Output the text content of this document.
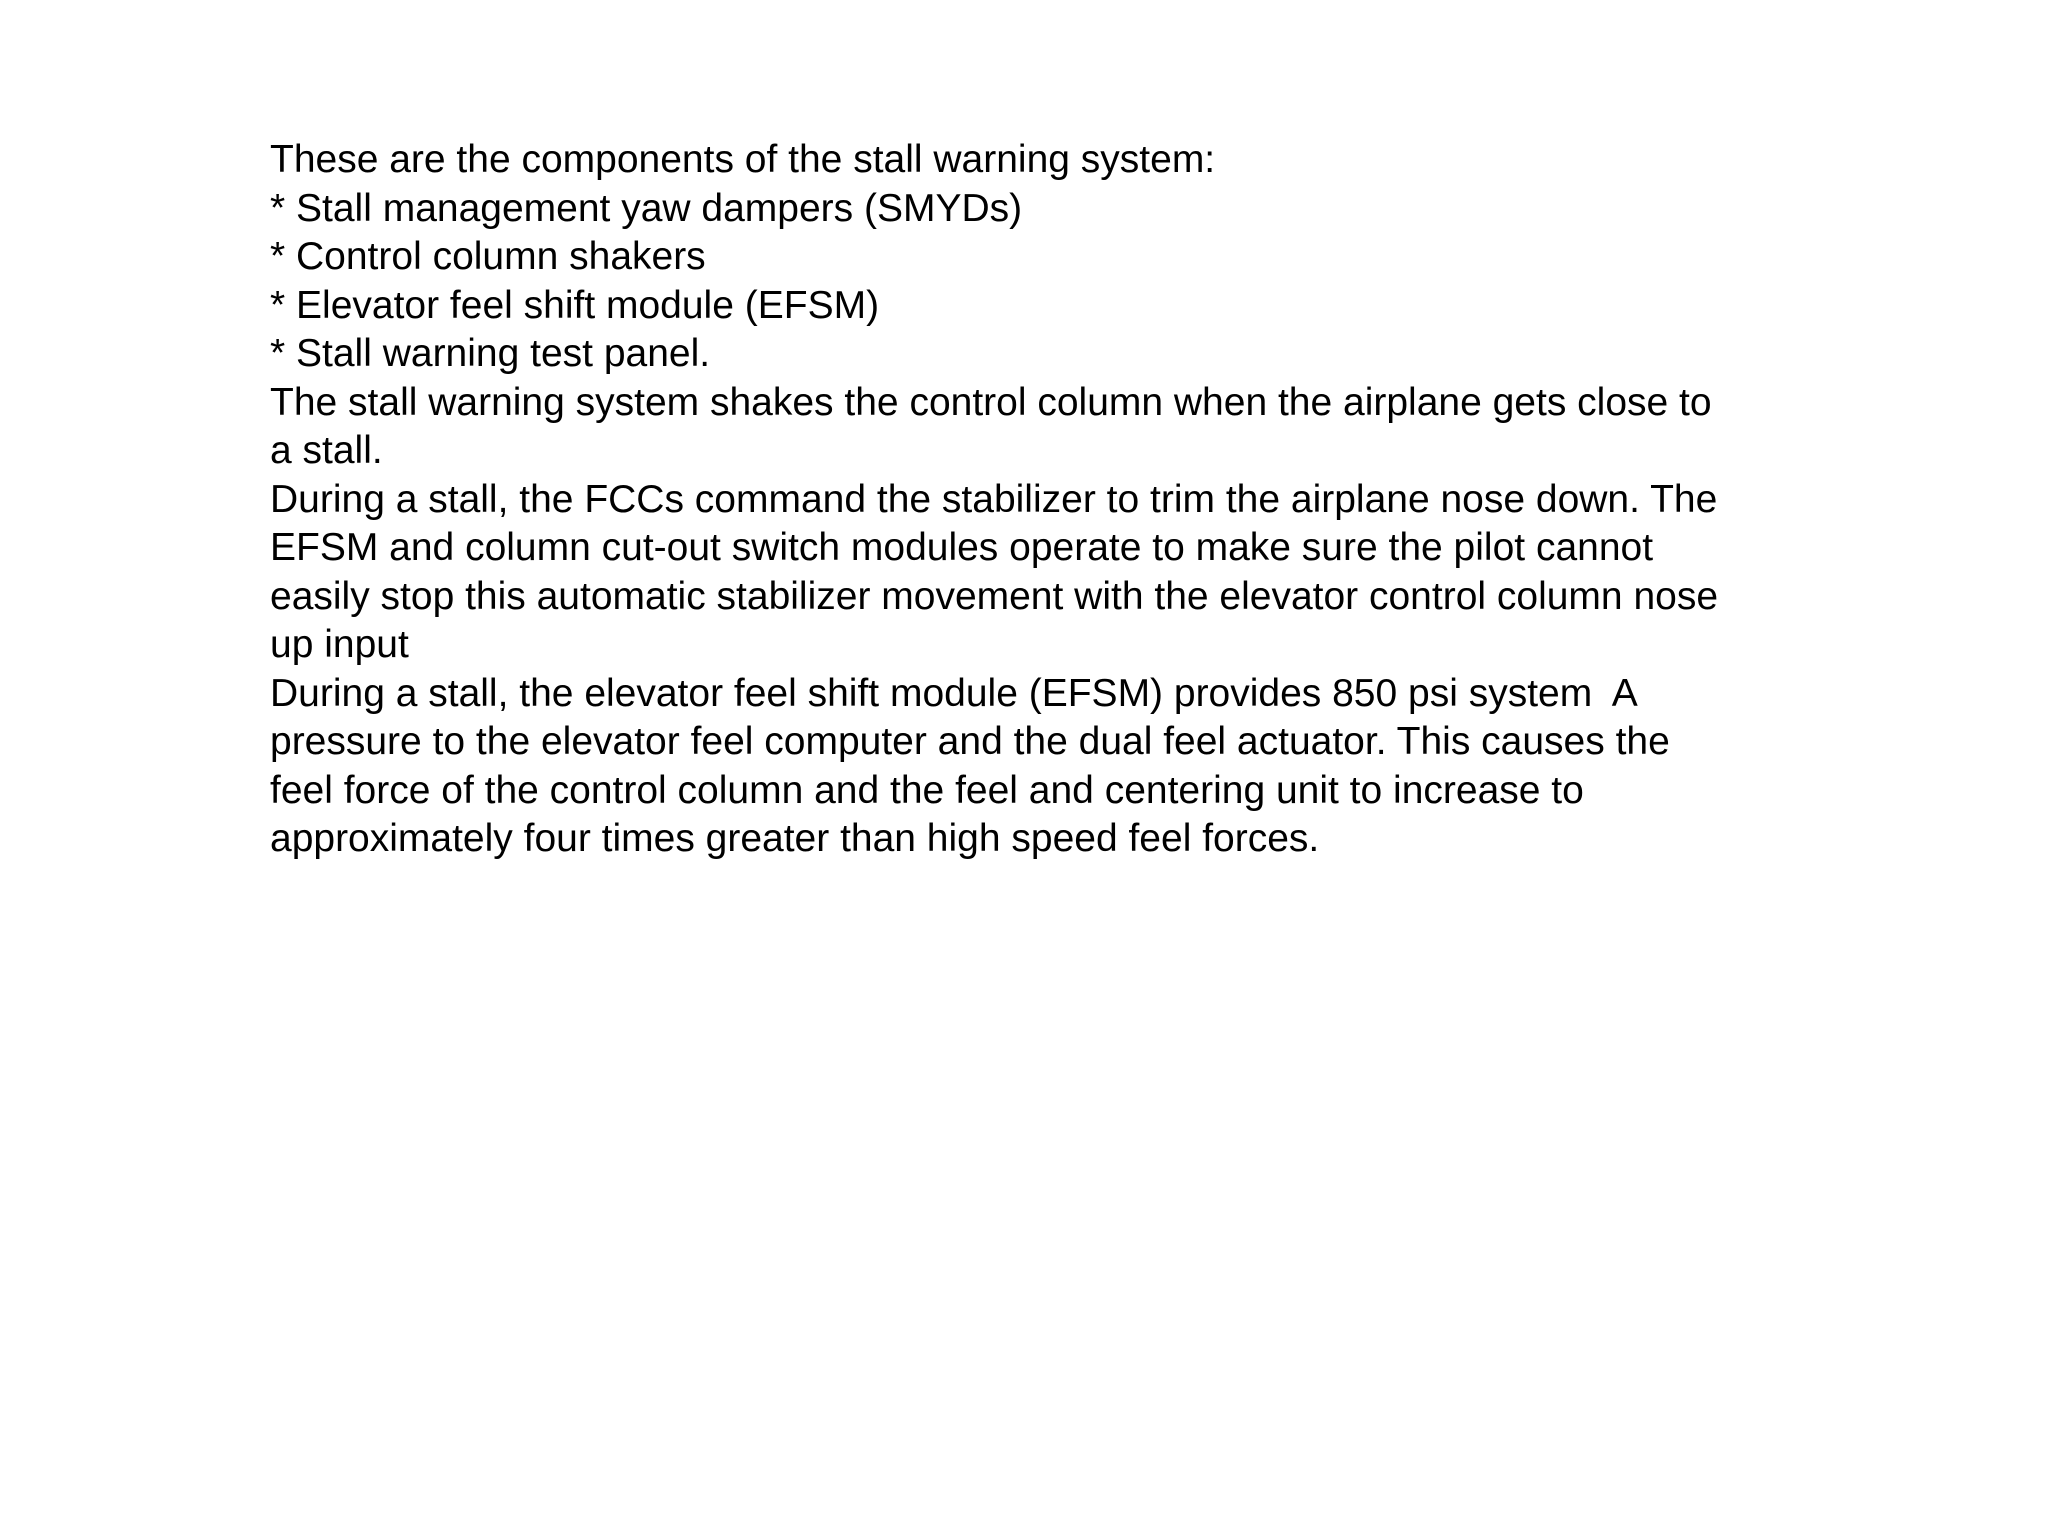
These are the components of the stall warning system:
* Stall management yaw dampers (SMYDs)
* Control column shakers
* Elevator feel shift module (EFSM)
* Stall warning test panel.
The stall warning system shakes the control column when the airplane gets close to
a stall.
During a stall, the FCCs command the stabilizer to trim the airplane nose down. The
EFSM and column cut-out switch modules operate to make sure the pilot cannot
easily stop this automatic stabilizer movement with the elevator control column nose
up input
During a stall, the elevator feel shift module (EFSM) provides 850 psi system  A
pressure to the elevator feel computer and the dual feel actuator. This causes the
feel force of the control column and the feel and centering unit to increase to
approximately four times greater than high speed feel forces.
